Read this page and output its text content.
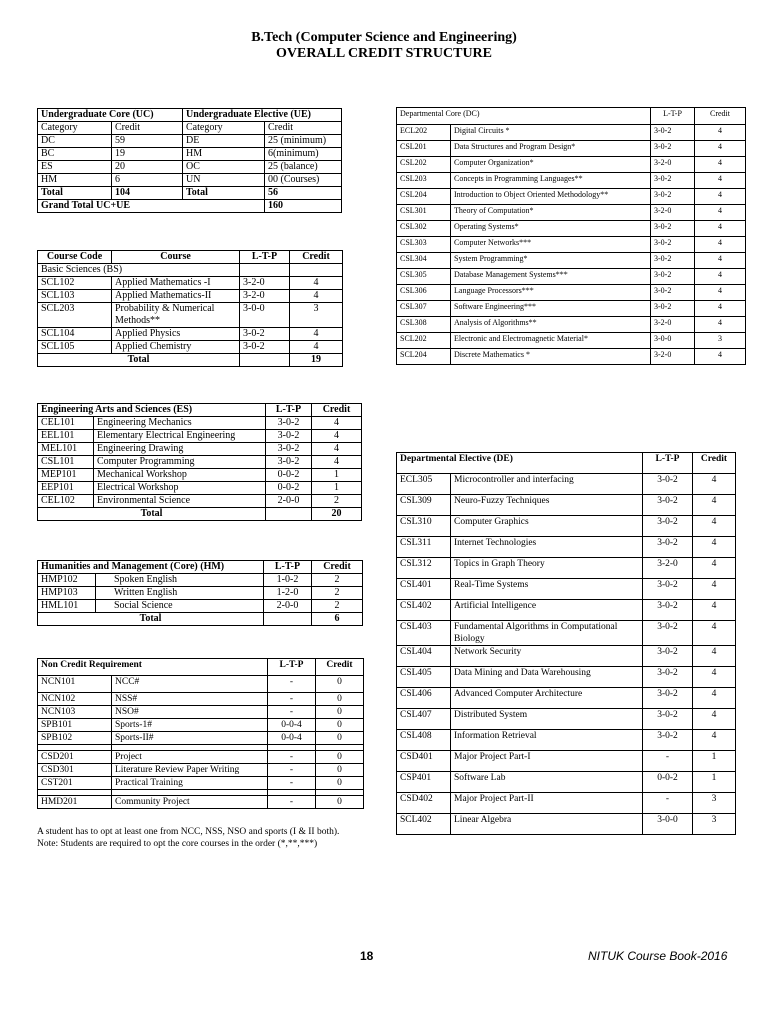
B.Tech (Computer Science and Engineering)
OVERALL CREDIT STRUCTURE
Undergraduate Core (UC)		Undergraduate Elective (UE)	
Category	Credit	Category	Credit
DC	59	DE	25 (minimum)
BC	19	HM	6(minimum)
ES	20	OC	25 (balance)
HM	6	UN	00 (Courses)
Total	104	Total	56
Grand Total UC+UE			160
Course Code	Course	L-T-P	Credit
Basic Sciences (BS)			
SCL102	Applied Mathematics -I	3-2-0	4
SCL103	Applied Mathematics-II	3-2-0	4
SCL203	Probability & Numerical Methods**	3-0-0	3
SCL104	Applied Physics	3-0-2	4
SCL105	Applied Chemistry	3-0-2	4
Total			19
Engineering Arts and Sciences (ES)		L-T-P	Credit
CEL101	Engineering Mechanics	3-0-2	4
EEL101	Elementary Electrical Engineering	3-0-2	4
MEL101	Engineering Drawing	3-0-2	4
CSL101	Computer Programming	3-0-2	4
MEP101	Mechanical Workshop	0-0-2	1
EEP101	Electrical Workshop	0-0-2	1
CEL102	Environmental Science	2-0-0	2
Total			20
Humanities and Management (Core) (HM)		L-T-P	Credit
HMP102	Spoken English	1-0-2	2
HMP103	Written English	1-2-0	2
HML101	Social Science	2-0-0	2
Total			6
Non Credit Requirement		L-T-P	Credit
NCN101	NCC#	-	0
NCN102	NSS#	-	0
NCN103	NSO#	-	0
SPB101	Sports-1#	0-0-4	0
SPB102	Sports-II#	0-0-4	0

CSD201	Project	-	0
CSD301	Literature Review Paper Writing	-	0
CST201	Practical Training	-	0

HMD201	Community Project	-	0
A student has to opt at least one from NCC, NSS, NSO and sports (I & II both).
Note: Students are required to opt the core courses in the order (*,**,***)
Departmental Core (DC)		L-T-P	Credit
ECL202	Digital Circuits *	3-0-2	4
CSL201	Data Structures and Program Design*	3-0-2	4
CSL202	Computer Organization*	3-2-0	4
CSL203	Concepts in Programming Languages**	3-0-2	4
CSL204	Introduction to Object Oriented Methodology**	3-0-2	4
CSL301	Theory of Computation*	3-2-0	4
CSL302	Operating Systems*	3-0-2	4
CSL303	Computer Networks***	3-0-2	4
CSL304	System Programming*	3-0-2	4
CSL305	Database Management Systems***	3-0-2	4
CSL306	Language Processors***	3-0-2	4
CSL307	Software Engineering***	3-0-2	4
CSL308	Analysis of Algorithms**	3-2-0	4
SCL202	Electronic and Electromagnetic Material*	3-0-0	3
SCL204	Discrete Mathematics *	3-2-0	4
Departmental Elective (DE)		L-T-P	Credit
ECL305	Microcontroller and interfacing	3-0-2	4
CSL309	Neuro-Fuzzy Techniques	3-0-2	4
CSL310	Computer Graphics	3-0-2	4
CSL311	Internet Technologies	3-0-2	4
CSL312	Topics in Graph Theory	3-2-0	4
CSL401	Real-Time Systems	3-0-2	4
CSL402	Artificial Intelligence	3-0-2	4
CSL403	Fundamental Algorithms in Computational Biology	3-0-2	4
CSL404	Network Security	3-0-2	4
CSL405	Data Mining and Data Warehousing	3-0-2	4
CSL406	Advanced Computer Architecture	3-0-2	4
CSL407	Distributed System	3-0-2	4
CSL408	Information Retrieval	3-0-2	4
CSD401	Major Project Part-I	-	1
CSP401	Software Lab	0-0-2	1
CSD402	Major Project Part-II	-	3
SCL402	Linear Algebra	3-0-0	3
18	NITUK Course Book-2016
